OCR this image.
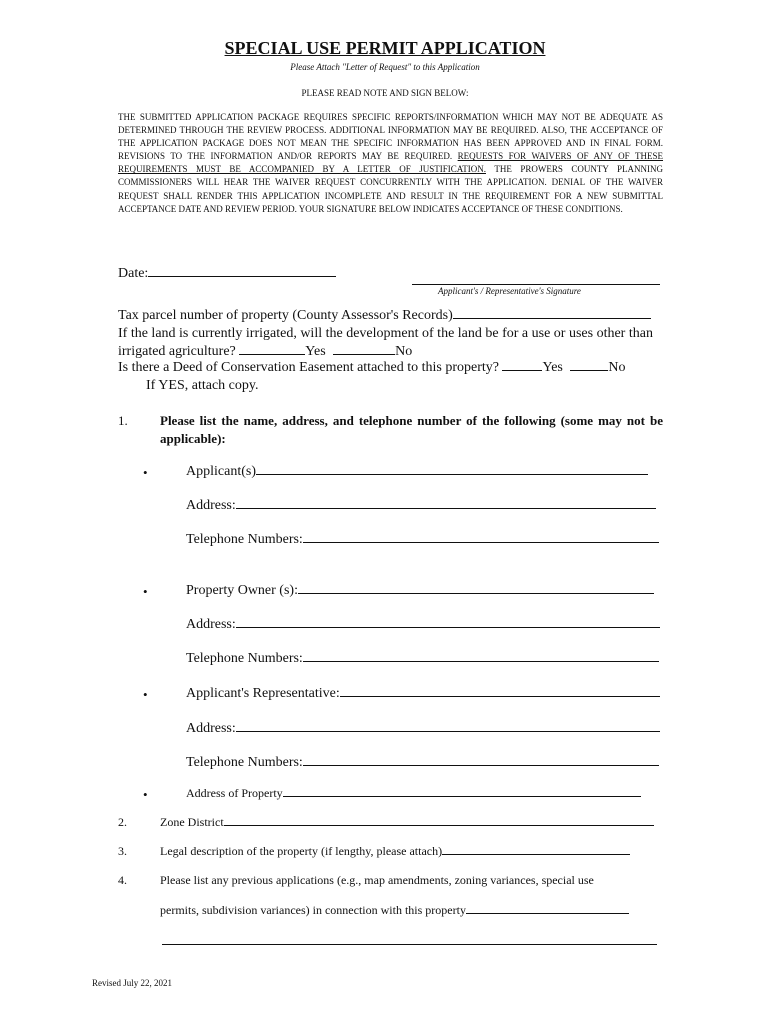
SPECIAL USE PERMIT APPLICATION
Please Attach "Letter of Request" to this Application
PLEASE READ NOTE AND SIGN BELOW:
THE SUBMITTED APPLICATION PACKAGE REQUIRES SPECIFIC REPORTS/INFORMATION WHICH MAY NOT BE ADEQUATE AS DETERMINED THROUGH THE REVIEW PROCESS. ADDITIONAL INFORMATION MAY BE REQUIRED. ALSO, THE ACCEPTANCE OF THE APPLICATION PACKAGE DOES NOT MEAN THE SPECIFIC INFORMATION HAS BEEN APPROVED AND IN FINAL FORM. REVISIONS TO THE INFORMATION AND/OR REPORTS MAY BE REQUIRED. REQUESTS FOR WAIVERS OF ANY OF THESE REQUIREMENTS MUST BE ACCOMPANIED BY A LETTER OF JUSTIFICATION. THE PROWERS COUNTY PLANNING COMMISSIONERS WILL HEAR THE WAIVER REQUEST CONCURRENTLY WITH THE APPLICATION. DENIAL OF THE WAIVER REQUEST SHALL RENDER THIS APPLICATION INCOMPLETE AND RESULT IN THE REQUIREMENT FOR A NEW SUBMITTAL ACCEPTANCE DATE AND REVIEW PERIOD. YOUR SIGNATURE BELOW INDICATES ACCEPTANCE OF THESE CONDITIONS.
Date:
Applicant's / Representative's Signature
Tax parcel number of property (County Assessor's Records)
If the land is currently irrigated, will the development of the land be for a use or uses other than
irrigated agriculture?	Yes	No
Is there a Deed of Conservation Easement attached to this property?	Yes	No
If YES, attach copy.
1. Please list the name, address, and telephone number of the following (some may not be applicable):
•	Applicant(s)
Address:
Telephone Numbers:
•	Property Owner (s):
Address:
Telephone Numbers:
•	Applicant's Representative:
Address:
Telephone Numbers:
•	Address of Property
2.	Zone District
3.	Legal description of the property (if lengthy, please attach)
4.	Please list any previous applications (e.g., map amendments, zoning variances, special use
permits, subdivision variances) in connection with this property
Revised July 22, 2021
